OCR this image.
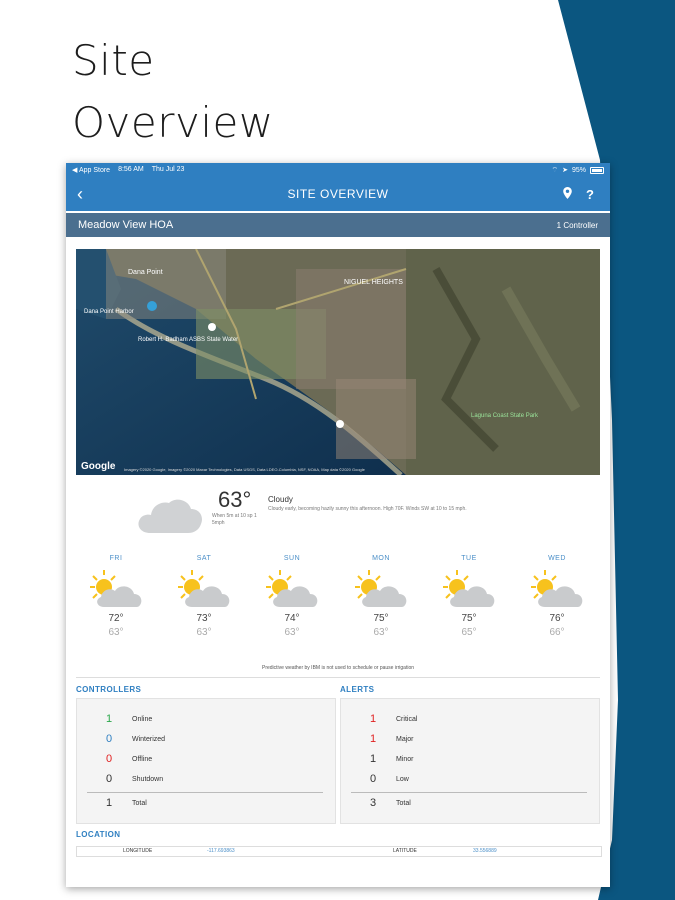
Site
Overview
◀ App Store 8:56 AM Thu Jul 23	⌔ ➤ 95%
‹	SITE OVERVIEW	?
Meadow View HOA	1 Controller
Dana Point
Dana Point Harbor
Robert H. Badham ASBS State Water
NIGUEL HEIGHTS
Laguna Coast State Park
Google Imagery ©2020 Google, Imagery ©2020 Maxar Technologies, Data USGS, Data LDEO-Columbia, NSF, NOAA, Map data ©2020 Google
63°
When 5m at 10 sp 1 5mph
Cloudy
Cloudy early, becoming hazily sunny this afternoon. High 70F. Winds SW at 10 to 15 mph.
FRI
72°
63°
SAT
73°
63°
SUN
74°
63°
MON
75°
63°
TUE
75°
65°
WED
76°
66°
Predictive weather by IBM is not used to schedule or pause irrigation
CONTROLLERS
1	Online
0	Winterized
0	Offline
0	Shutdown
1	Total
ALERTS
1	Critical
1	Major
1	Minor
0	Low
3	Total
LOCATION
LONGITUDE	-117.693863	LATITUDE	33.556889
